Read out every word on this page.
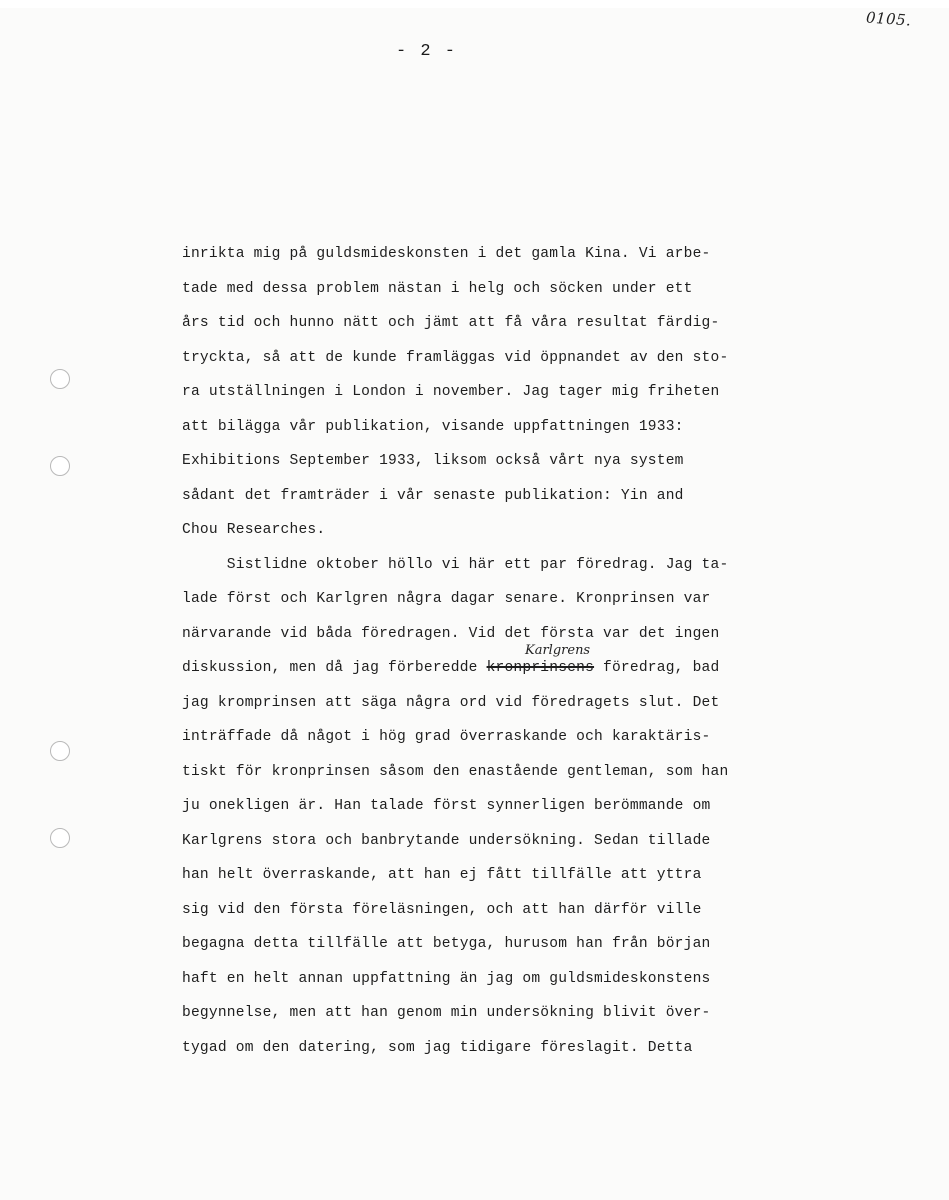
0105.
- 2 -
inrikta mig på guldsmideskonsten i det gamla Kina. Vi arbe-
tade med dessa problem nästan i helg och söcken under ett
års tid och hunno nätt och jämt att få våra resultat färdig-
tryckta, så att de kunde framläggas vid öppnandet av den sto-
ra utställningen i London i november. Jag tager mig friheten
att bilägga vår publikation, visande uppfattningen 1933:
Exhibitions September 1933, liksom också vårt nya system
sådant det framträder i vår senaste publikation: Yin and
Chou Researches.
Sistlidne oktober höllo vi här ett par föredrag. Jag ta-
lade först och Karlgren några dagar senare. Kronprinsen var
närvarande vid båda föredragen. Vid det första var det ingen
diskussion, men då jag förberedde kronprinsens föredrag, bad
Karlgrens
jag kromprinsen att säga några ord vid föredragets slut. Det
inträffade då något i hög grad överraskande och karaktäris-
tiskt för kronprinsen såsom den enastående gentleman, som han
ju onekligen är. Han talade först synnerligen berömmande om
Karlgrens stora och banbrytande undersökning. Sedan tillade
han helt överraskande, att han ej fått tillfälle att yttra
sig vid den första föreläsningen, och att han därför ville
begagna detta tillfälle att betyga, hurusom han från början
haft en helt annan uppfattning än jag om guldsmideskonstens
begynnelse, men att han genom min undersökning blivit över-
tygad om den datering, som jag tidigare föreslagit. Detta
